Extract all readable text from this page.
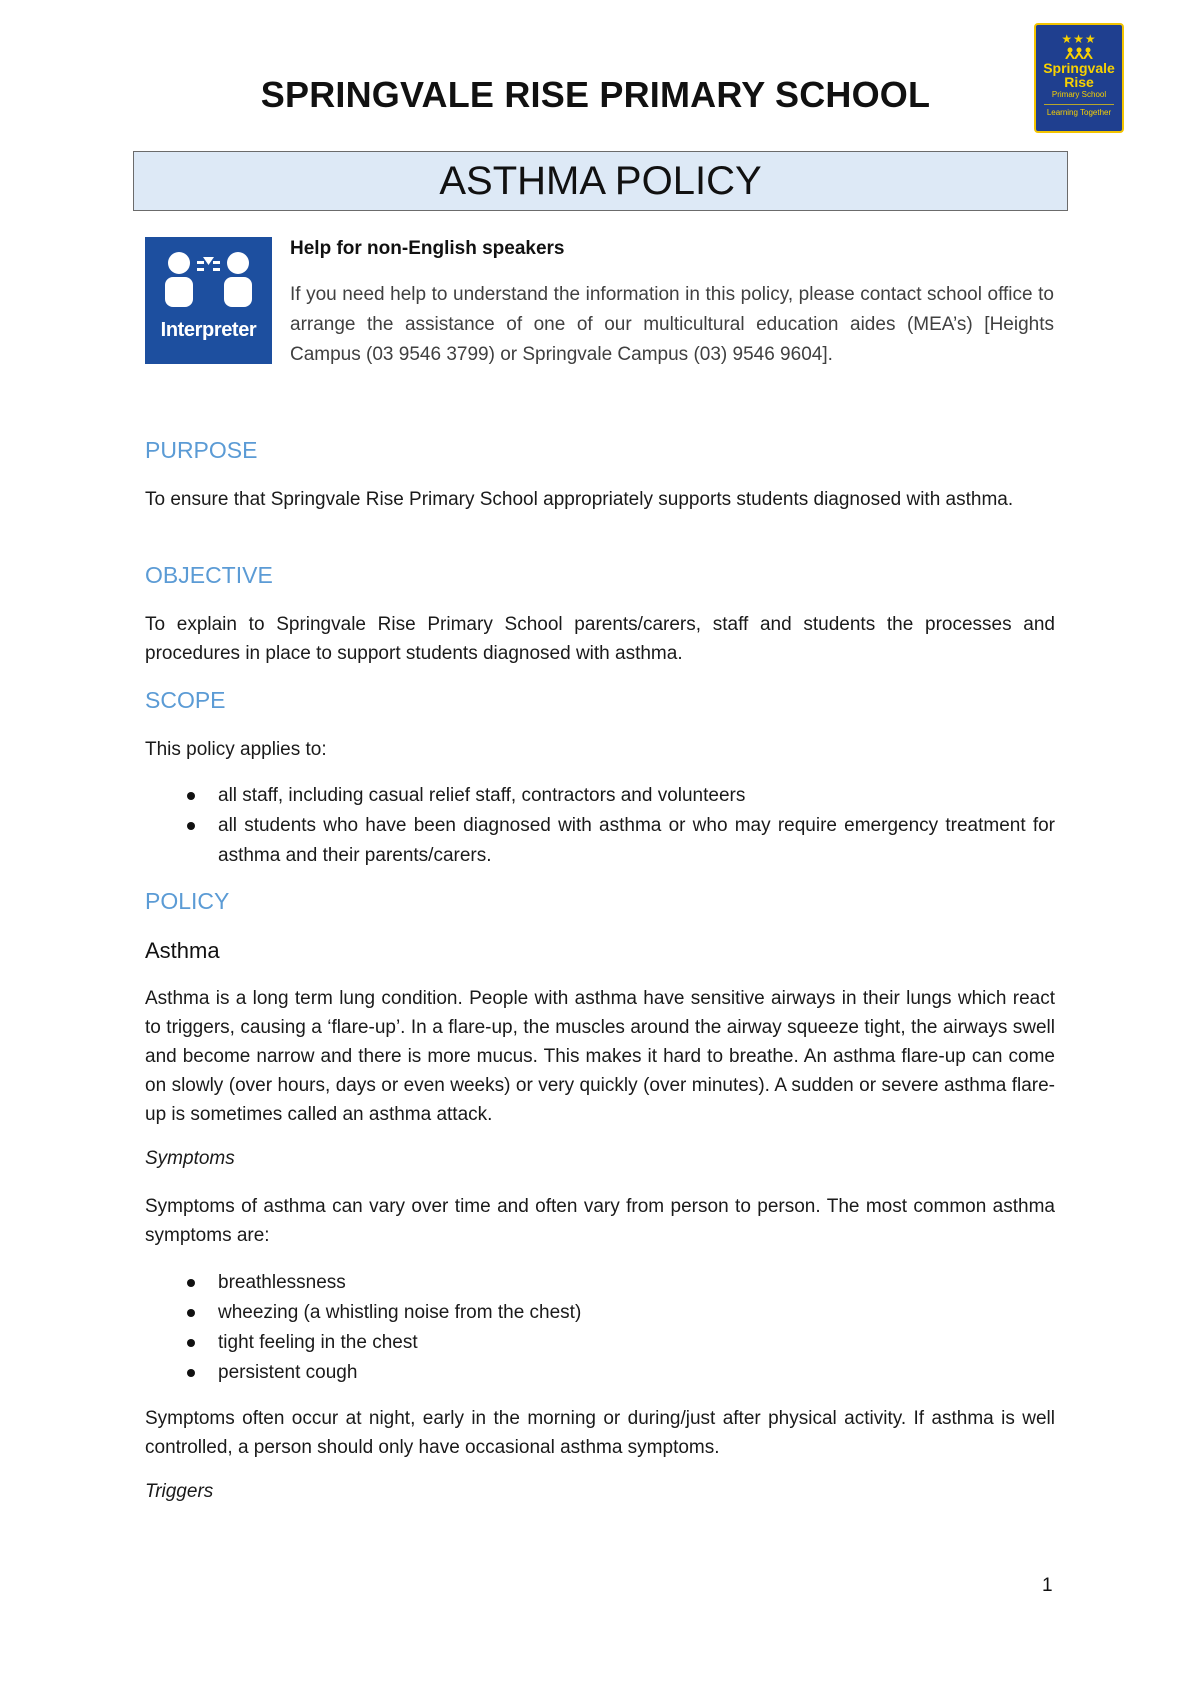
SPRINGVALE RISE PRIMARY SCHOOL
★★★
Springvale
Rise
Primary School
Learning Together
ASTHMA POLICY
Interpreter
Help for non-English speakers
If you need help to understand the information in this policy, please contact school office to arrange the assistance of one of our multicultural education aides (MEA’s) [Heights Campus (03 9546 3799) or Springvale Campus (03) 9546 9604].
PURPOSE
To ensure that Springvale Rise Primary School appropriately supports students diagnosed with asthma.
OBJECTIVE
To explain to Springvale Rise Primary School parents/carers, staff and students the processes and procedures in place to support students diagnosed with asthma.
SCOPE
This policy applies to:
all staff, including casual relief staff, contractors and volunteers
all students who have been diagnosed with asthma or who may require emergency treatment for asthma and their parents/carers.
POLICY
Asthma
Asthma is a long term lung condition. People with asthma have sensitive airways in their lungs which react to triggers, causing a ‘flare-up’. In a flare-up, the muscles around the airway squeeze tight, the airways swell and become narrow and there is more mucus. This makes it hard to breathe. An asthma flare-up can come on slowly (over hours, days or even weeks) or very quickly (over minutes). A sudden or severe asthma flare-up is sometimes called an asthma attack.
Symptoms
Symptoms of asthma can vary over time and often vary from person to person. The most common asthma symptoms are:
breathlessness
wheezing (a whistling noise from the chest)
tight feeling in the chest
persistent cough
Symptoms often occur at night, early in the morning or during/just after physical activity. If asthma is well controlled, a person should only have occasional asthma symptoms.
Triggers
1
